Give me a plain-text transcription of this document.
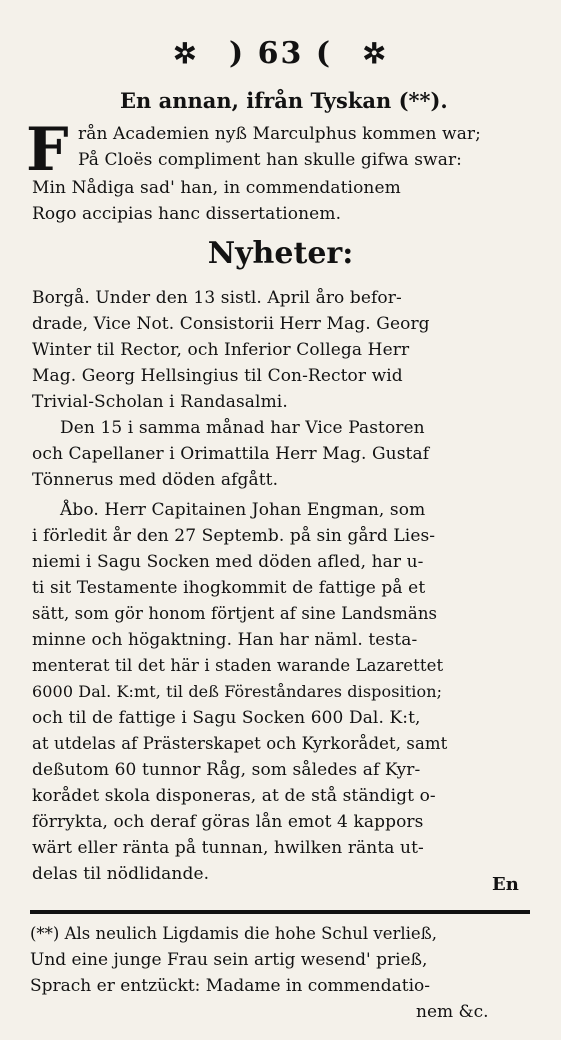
✲ ) 63 ( ✲
En annan, ifrån Tyskan (**).
F rån Academien nyß Marculphus kommen war;
På Cloës compliment han skulle gifwa swar:
Min Nådiga sad' han, in commendationem
Rogo accipias hanc dissertationem.
Nyheter:
Borgå. Under den 13 sistl. April åro befor-
drade, Vice Not. Consistorii Herr Mag. Georg
Winter til Rector, och Inferior Collega Herr
Mag. Georg Hellsingius til Con-Rector wid
Trivial-Scholan i Randasalmi.
Den 15 i samma månad har Vice Pastoren
och Capellaner i Orimattila Herr Mag. Gustaf
Tönnerus med döden afgått.
Åbo. Herr Capitainen Johan Engman, som
i förledit år den 27 Septemb. på sin gård Lies-
niemi i Sagu Socken med döden afled, har u-
ti sit Testamente ihogkommit de fattige på et
sätt, som gör honom förtjent af sine Landsmäns
minne och högaktning. Han har näml. testa-
menterat til det här i staden warande Lazarettet
6000 Dal. K:mt, til deß Föreståndares disposition;
och til de fattige i Sagu Socken 600 Dal. K:t,
at utdelas af Prästerskapet och Kyrkorådet, samt
deßutom 60 tunnor Råg, som således af Kyr-
korådet skola disponeras, at de stå ständigt o-
förrykta, och deraf göras lån emot 4 kappors
wärt eller ränta på tunnan, hwilken ränta ut-
delas til nödlidande.	En
(**) Als neulich Ligdamis die hohe Schul verließ,
Und eine junge Frau sein artig wesend' prieß,
Sprach er entzückt: Madame in commendatio-
nem &c.
